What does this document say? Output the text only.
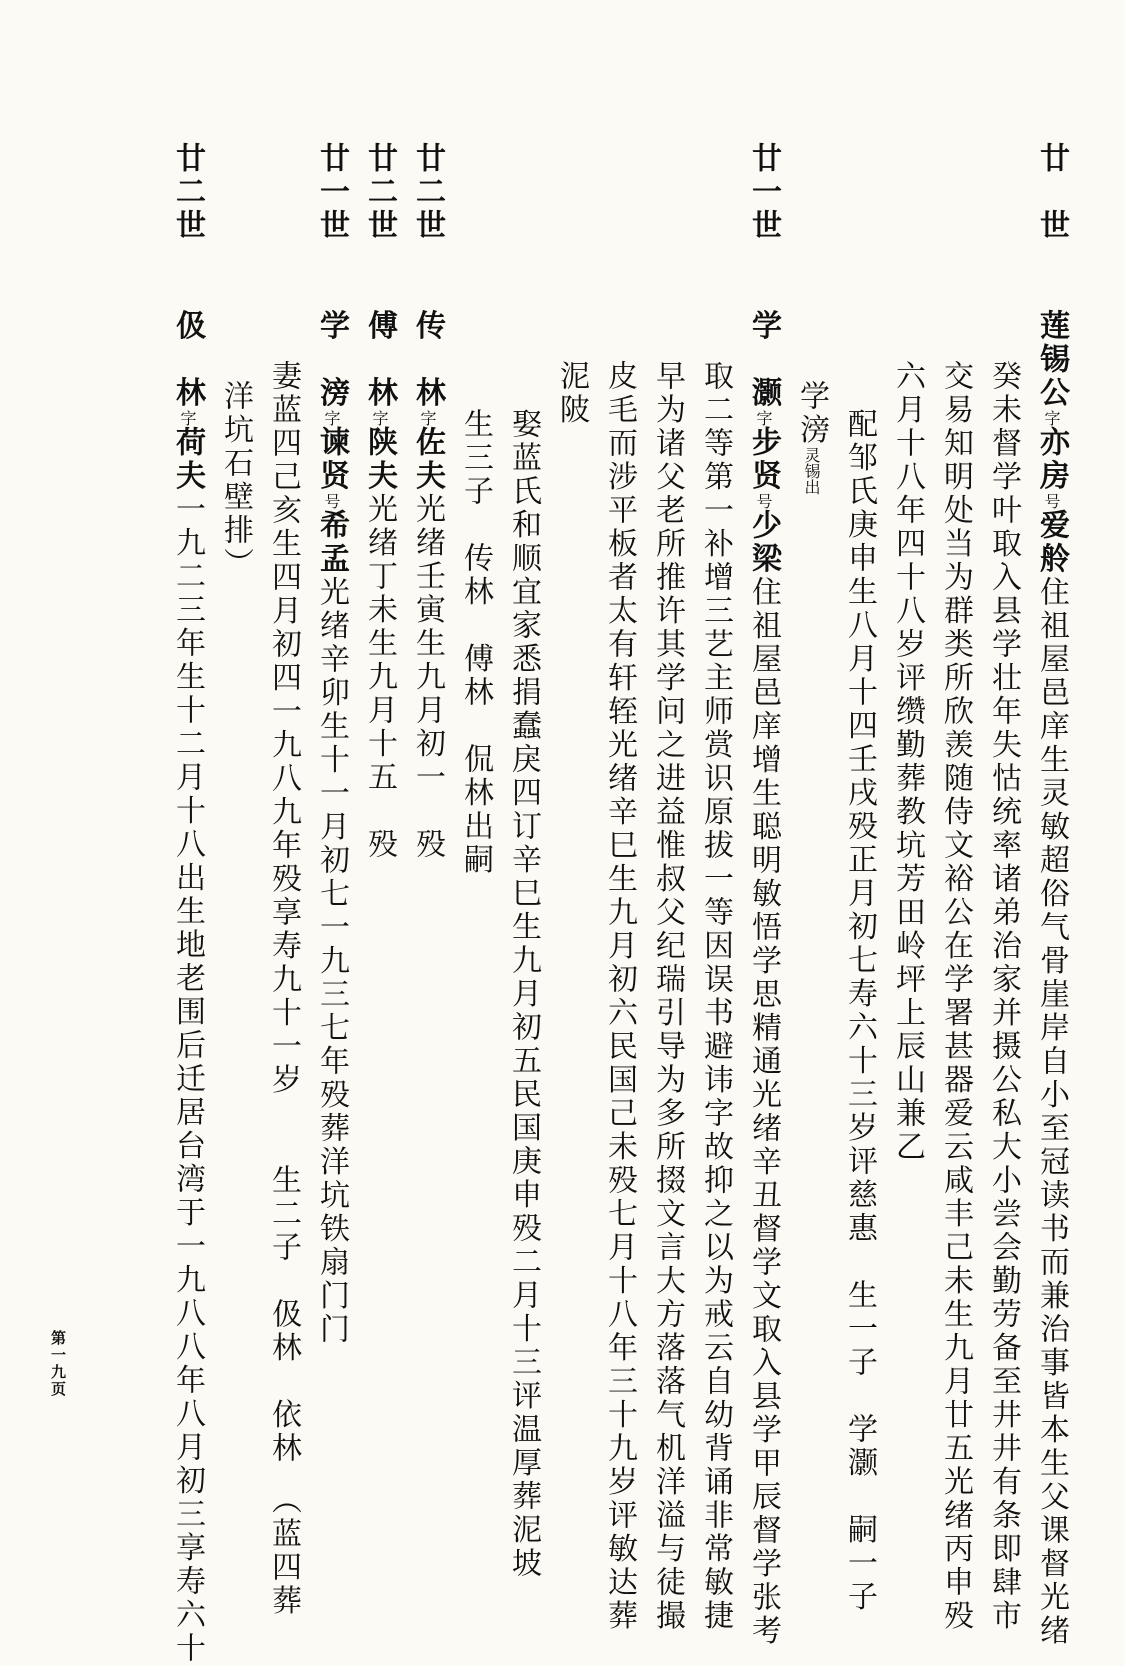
廿　世　　莲锡公字亦房号爱舲住祖屋邑庠生灵敏超俗气骨崖岸自小至冠读书而兼治事皆本生父课督光绪
癸未督学叶取入县学壮年失怙统率诸弟治家并摄公私大小尝会勤劳备至井井有条即肆市
交易知明处当为群类所欣羡随侍文裕公在学署甚器爱云咸丰己未生九月廿五光绪丙申殁
六月十八年四十八岁评缵勤葬教坑芳田岭坪上辰山兼乙
配邹氏庚申生八月十四壬戌殁正月初七寿六十三岁评慈惠　生一子　学灏　嗣一子
学滂灵锡出
廿一世　　学　灏字步贤号少梁住祖屋邑庠增生聪明敏悟学思精通光绪辛丑督学文取入县学甲辰督学张考
取二等第一补增三艺主师赏识原拔一等因误书避讳字故抑之以为戒云自幼背诵非常敏捷
早为诸父老所推许其学问之进益惟叔父纪瑞引导为多所掇文言大方落落气机洋溢与徒撮
皮毛而涉平板者太有轩轾光绪辛巳生九月初六民国己未殁七月十八年三十九岁评敏达葬
泥陂
娶蓝氏和顺宜家悉捐蠢戾四订辛巳生九月初五民国庚申殁二月十三评温厚葬泥坡
生三子　传林　傅林　侃林出嗣
廿二世　　传　林字佐夫光绪壬寅生九月初一　殁
廿二世　　傅　林字陕夫光绪丁未生九月十五　殁
廿一世　　学　滂字谏贤号希孟光绪辛卯生十一月初七一九三七年殁葬洋坑铁扇门门
妻蓝四己亥生四月初四一九八九年殁享寿九十一岁　　生二子　伋林　依林　（蓝四葬
洋坑石壁排）
廿二世　　伋　林字荷夫一九二三年生十二月十八出生地老围后迁居台湾于一九八八年八月初三享寿六十
第一九页
